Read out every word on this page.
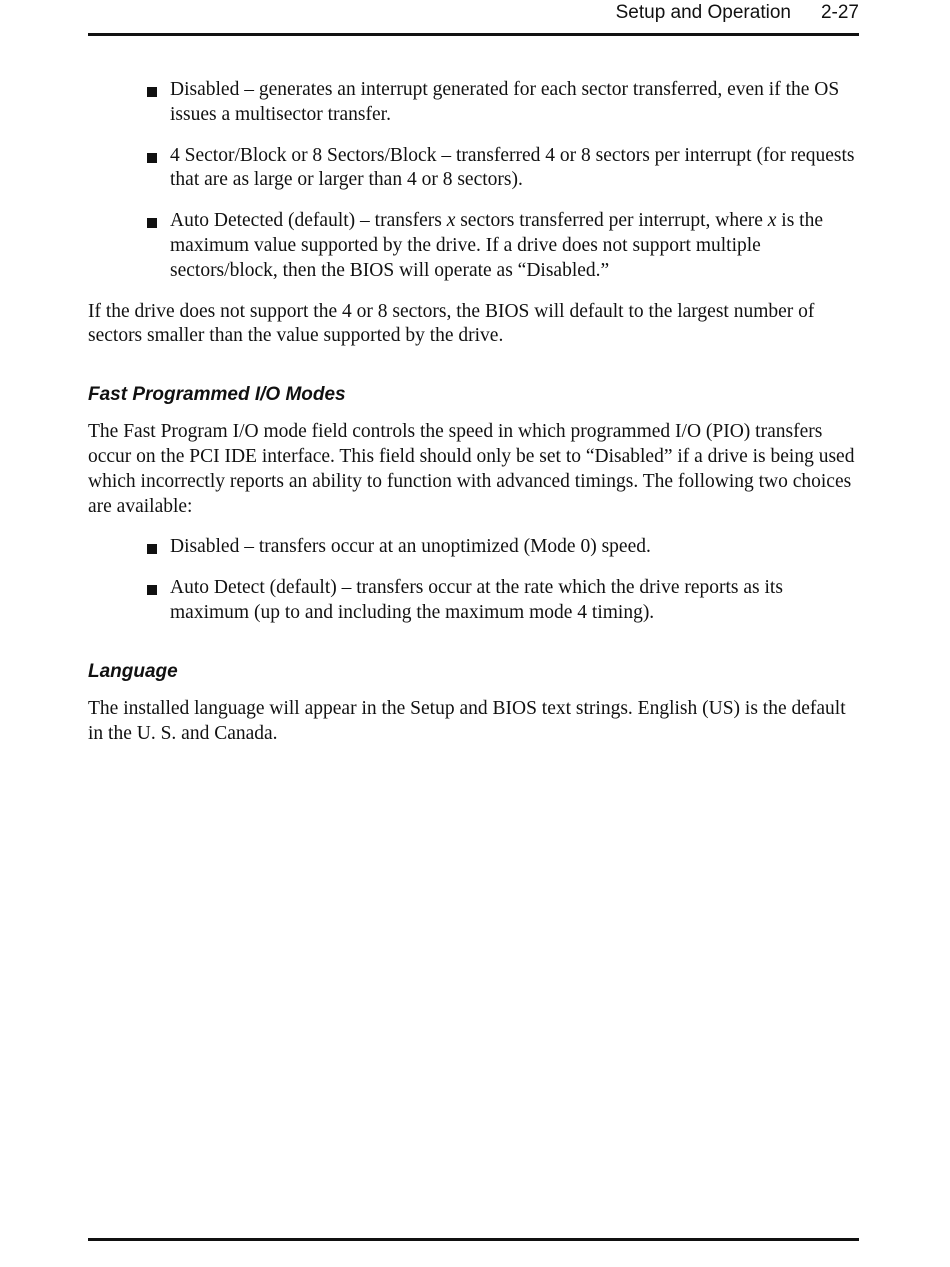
Setup and Operation 2-27
Disabled – generates an interrupt generated for each sector transferred, even if the OS issues a multisector transfer.
4 Sector/Block or 8 Sectors/Block – transferred 4 or 8 sectors per interrupt (for requests that are as large or larger than 4 or 8 sectors).
Auto Detected (default) – transfers x sectors transferred per interrupt, where x is the maximum value supported by the drive. If a drive does not support multiple sectors/block, then the BIOS will operate as “Disabled.”

If the drive does not support the 4 or 8 sectors, the BIOS will default to the largest number of sectors smaller than the value supported by the drive.

Fast Programmed I/O Modes

The Fast Program I/O mode field controls the speed in which programmed I/O (PIO) transfers occur on the PCI IDE interface. This field should only be set to “Disabled” if a drive is being used which incorrectly reports an ability to function with advanced timings. The following two choices are available:

Disabled – transfers occur at an unoptimized (Mode 0) speed.
Auto Detect (default) – transfers occur at the rate which the drive reports as its maximum (up to and including the maximum mode 4 timing).
Language

The installed language will appear in the Setup and BIOS text strings. English (US) is the default in the U. S. and Canada.
